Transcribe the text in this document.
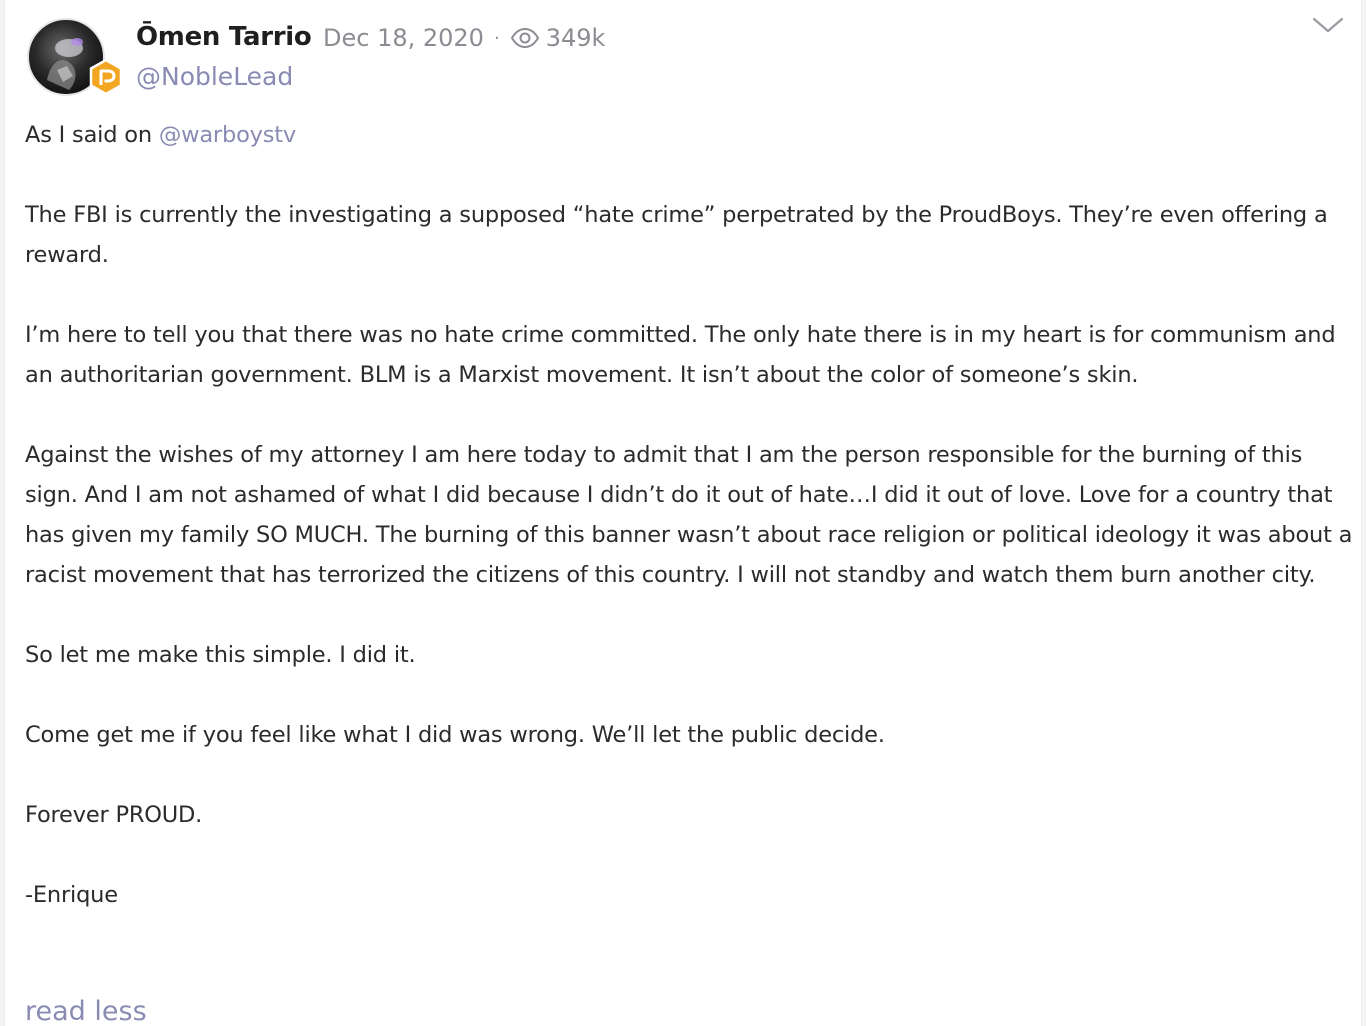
Ōmen Tarrio Dec 18, 2020 · 349k
@NobleLead

As I said on @warboystv

The FBI is currently the investigating a supposed “hate crime” perpetrated by the ProudBoys. They’re even offering a reward.

I’m here to tell you that there was no hate crime committed. The only hate there is in my heart is for communism and an authoritarian government. BLM is a Marxist movement. It isn’t about the color of someone’s skin.

Against the wishes of my attorney I am here today to admit that I am the person responsible for the burning of this sign. And I am not ashamed of what I did because I didn’t do it out of hate…I did it out of love. Love for a country that has given my family SO MUCH. The burning of this banner wasn’t about race religion or political ideology it was about a racist movement that has terrorized the citizens of this country. I will not standby and watch them burn another city.

So let me make this simple. I did it.

Come get me if you feel like what I did was wrong. We’ll let the public decide.

Forever PROUD.

-Enrique

read less
